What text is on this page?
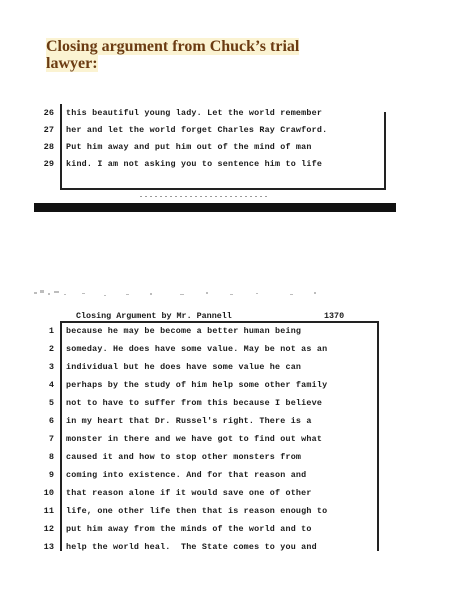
Closing argument from Chuck’s trial lawyer:
26 this beautiful young lady. Let the world remember
27 her and let the world forget Charles Ray Crawford.
28 Put him away and put him out of the mind of man
29 kind. I am not asking you to sentence him to life
Closing Argument by Mr. Pannell	1370
1 because he may be become a better human being
2 someday. He does have some value. May be not as an
3 individual but he does have some value he can
4 perhaps by the study of him help some other family
5 not to have to suffer from this because I believe
6 in my heart that Dr. Russel's right. There is a
7 monster in there and we have got to find out what
8 caused it and how to stop other monsters from
9 coming into existence. And for that reason and
10 that reason alone if it would save one of other
11 life, one other life then that is reason enough to
12 put him away from the minds of the world and to
13 help the world heal.  The State comes to you and
